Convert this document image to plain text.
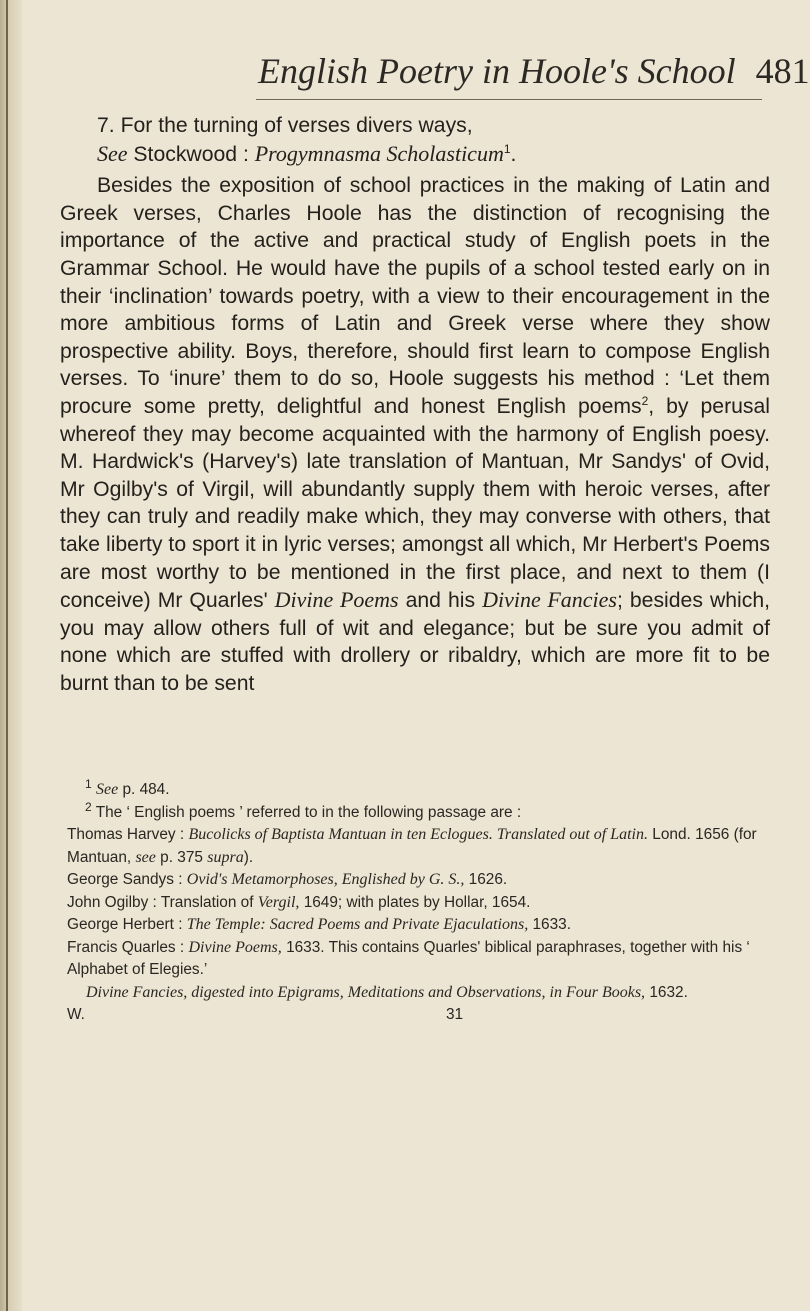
English Poetry in Hoole's School 481

7. For the turning of verses divers ways,
See Stockwood : Progymnasma Scholasticum$^1$.

Besides the exposition of school practices in the making of Latin and Greek verses, Charles Hoole has the distinction of recognising the importance of the active and practical study of English poets in the Grammar School. He would have the pupils of a school tested early on in their ‘inclination’ towards poetry, with a view to their encouragement in the more ambitious forms of Latin and Greek verse where they show prospective ability. Boys, therefore, should first learn to compose English verses. To ‘inure’ them to do so, Hoole suggests his method : ‘Let them procure some pretty, delightful and honest English poems$^2$, by perusal whereof they may become acquainted with the harmony of English poesy. M. Hardwick's (Harvey's) late translation of Mantuan, Mr Sandys' of Ovid, Mr Ogilby's of Virgil, will abundantly supply them with heroic verses, after they can truly and readily make which, they may converse with others, that take liberty to sport it in lyric verses; amongst all which, Mr Herbert's Poems are most worthy to be mentioned in the first place, and next to them (I conceive) Mr Quarles' Divine Poems and his Divine Fancies; besides which, you may allow others full of wit and elegance; but be sure you admit of none which are stuffed with drollery or ribaldry, which are more fit to be burnt than to be sent

$^1$ See p. 484.

$^2$ The ‘ English poems ’ referred to in the following passage are :

Thomas Harvey : Bucolicks of Baptista Mantuan in ten Eclogues. Translated out of Latin. Lond. 1656 (for Mantuan, see p. 375 supra).

George Sandys : Ovid's Metamorphoses, Englished by G. S., 1626.

John Ogilby : Translation of Vergil, 1649; with plates by Hollar, 1654.

George Herbert : The Temple: Sacred Poems and Private Ejaculations, 1633.

Francis Quarles : Divine Poems, 1633. This contains Quarles' biblical paraphrases, together with his ‘ Alphabet of Elegies.’

Divine Fancies, digested into Epigrams, Meditations and Observations, in Four Books, 1632.

W.	31
